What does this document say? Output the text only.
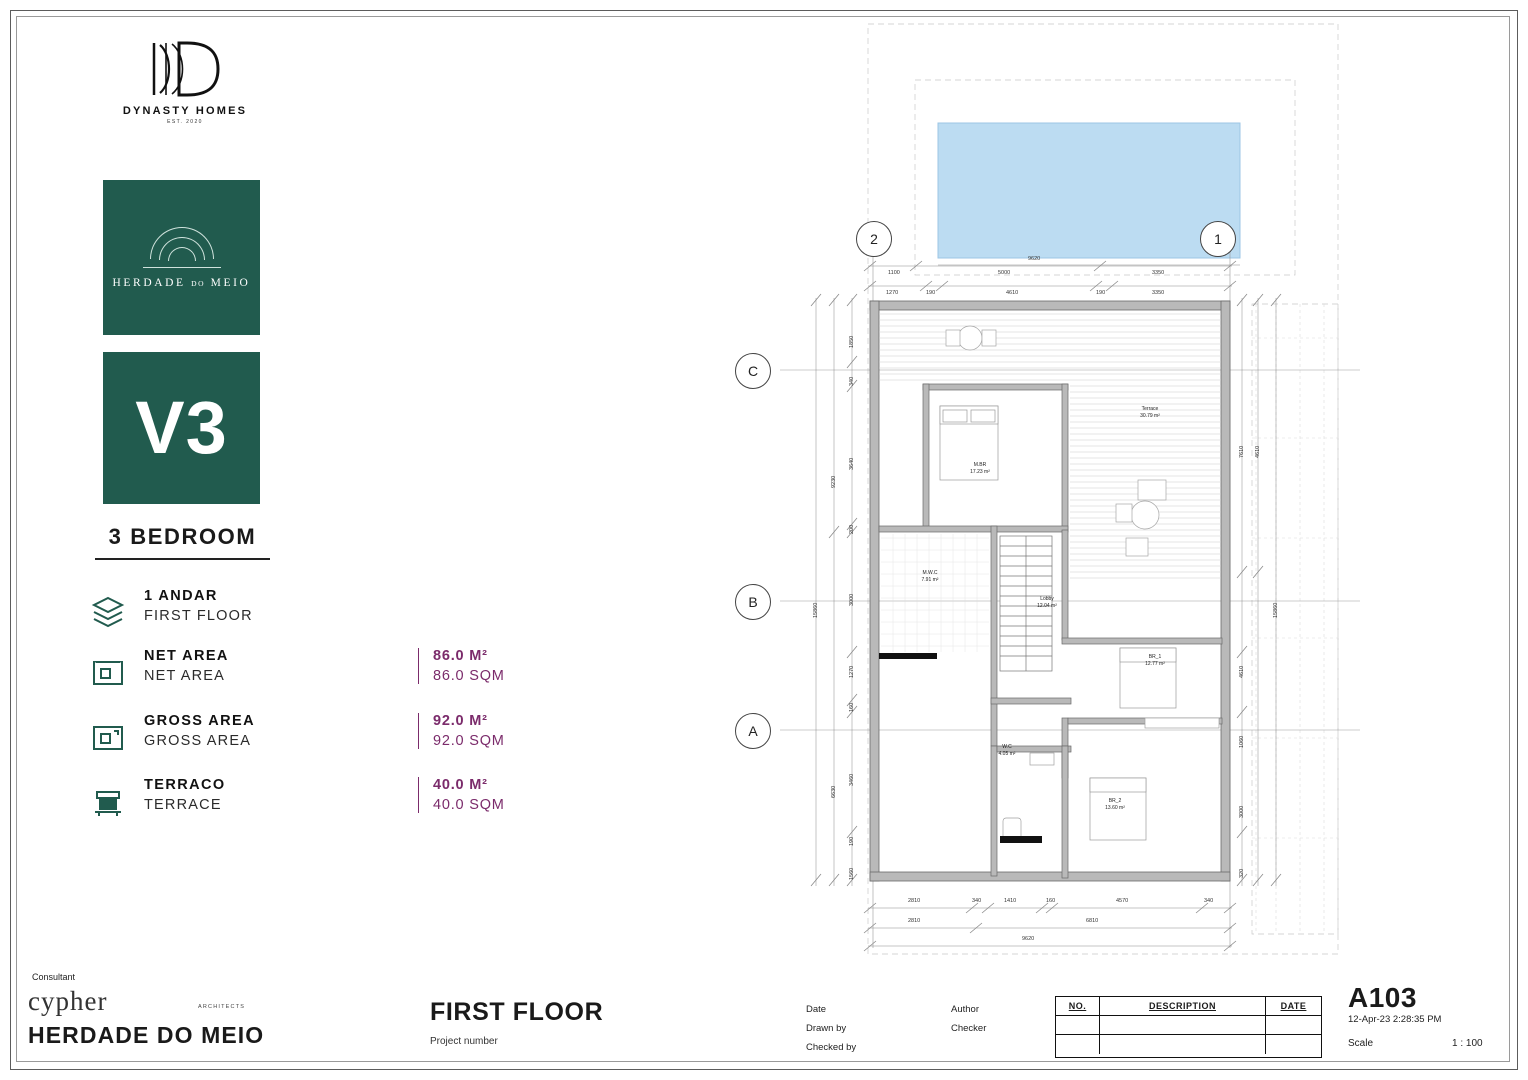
DYNASTY HOMES
EST. 2020
HERDADE DO MEIO
V3
3 BEDROOM
1 ANDAR
FIRST FLOOR
NET AREA
NET AREA
86.0 M²
86.0 SQM
GROSS AREA
GROSS AREA
92.0 M²
92.0 SQM
TERRACO
TERRACE
40.0 M²
40.0 SQM
Consultant
cypher	ARCHITECTS
HERDADE DO MEIO
FIRST FLOOR
Project number
Date
Drawn by
Checked by
Author
Checker
NO.	DESCRIPTION	DATE	A103
12-Apr-23 2:28:35 PM
Scale	1 : 100
2	1
C
B
A
Terrace
30.79 m²
M.BR
17.23 m²
M.W.C
7.91 m²
Lobby
12.04 m²
BR_1
12.77 m²
W.C
4.05 m²
BR_2
13.60 m²
9620
1100	5000	3350
1270	190	4610	190	3350
2810	340	1410	160	4570	340
2810	6810
9620
1850
340
3640
200
3000
1270
160
3460
190
1560
9230
6630
15860
7610 4610
4610
1060
3000
320
15860
